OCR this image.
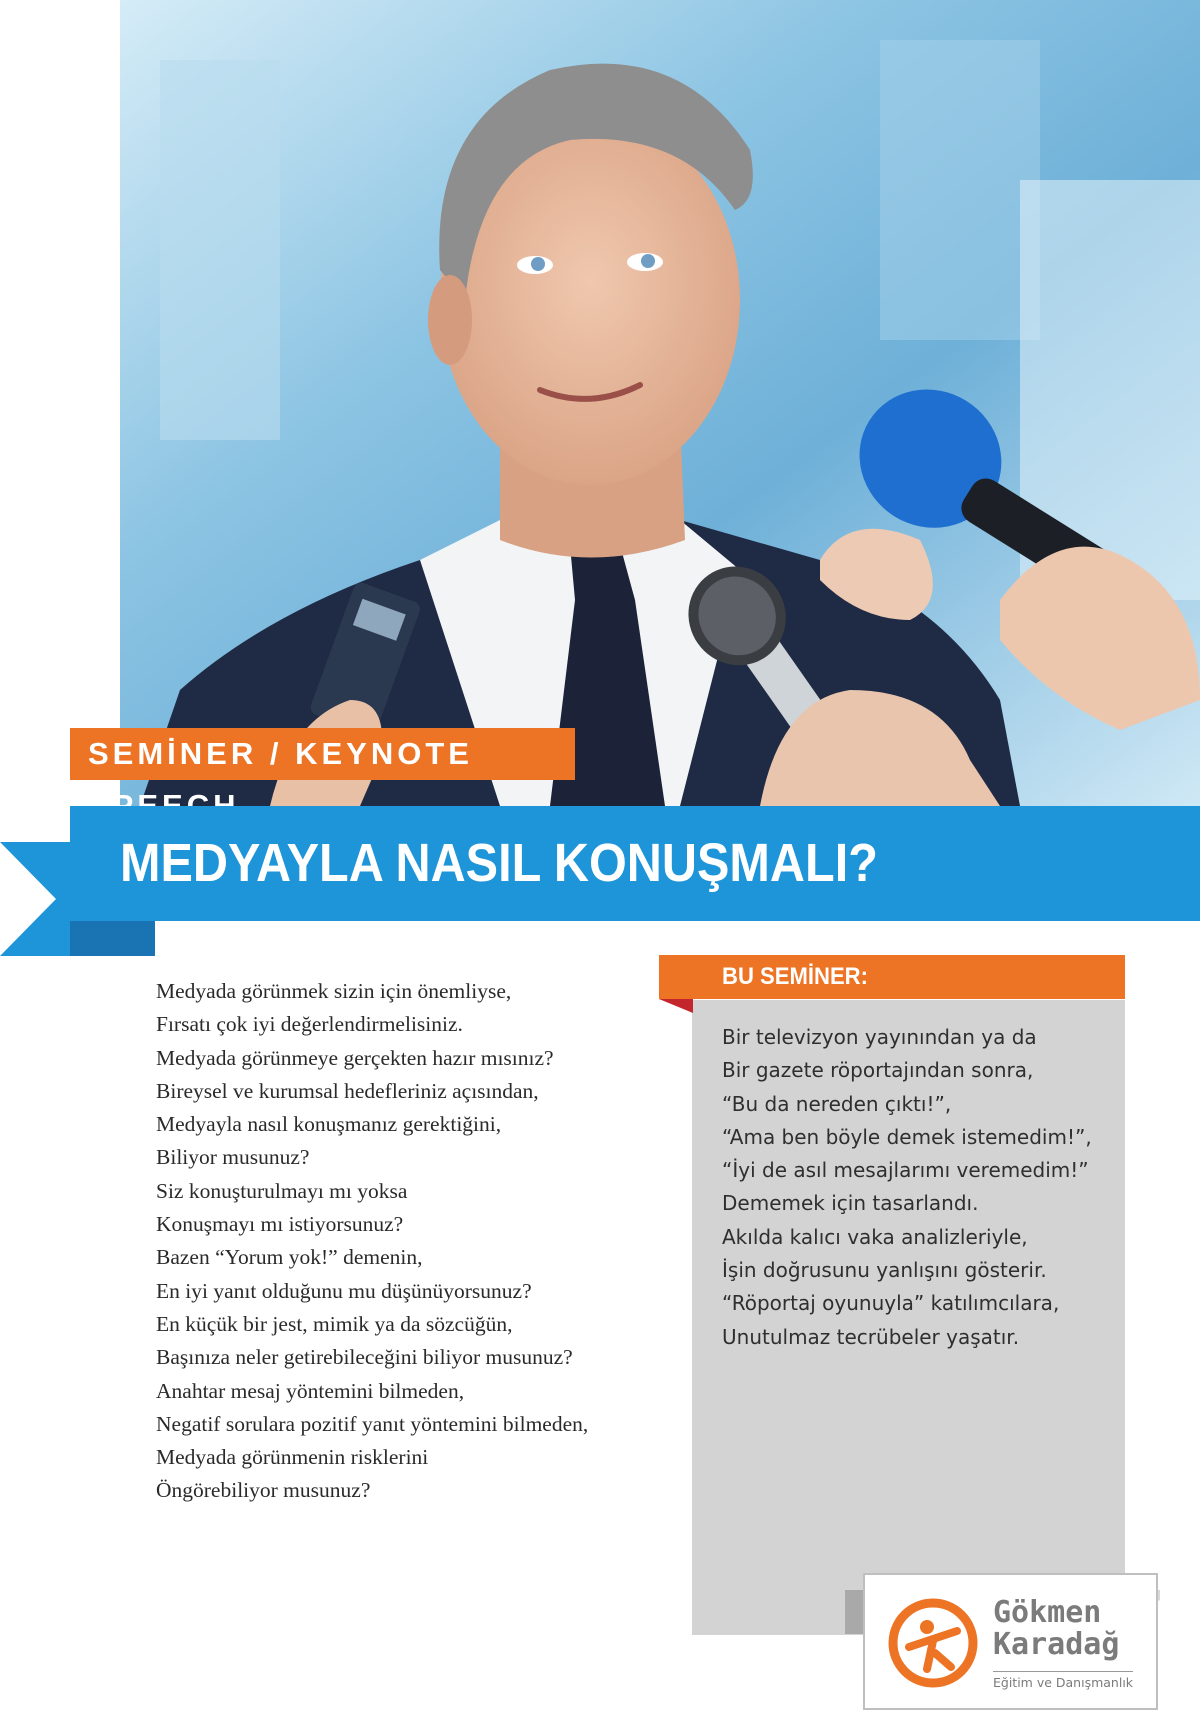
SEMİNER / KEYNOTE
MEDYAYLA NASIL KONUŞMALI?
Medyada görünmek sizin için önemliyse,
Fırsatı çok iyi değerlendirmelisiniz.
Medyada görünmeye gerçekten hazır mısınız?
Bireysel ve kurumsal hedefleriniz açısından,
Medyayla nasıl konuşmanız gerektiğini,
Biliyor musunuz?
Siz konuşturulmayı mı yoksa
Konuşmayı mı istiyorsunuz?
Bazen “Yorum yok!” demenin,
En iyi yanıt olduğunu mu düşünüyorsunuz?
En küçük bir jest, mimik ya da sözcüğün,
Başınıza neler getirebileceğini biliyor musunuz?
Anahtar mesaj yöntemini bilmeden,
Negatif sorulara pozitif yanıt yöntemini bilmeden,
Medyada görünmenin risklerini
Öngörebiliyor musunuz?
BU SEMİNER:
Bir televizyon yayınından ya da
Bir gazete röportajından sonra,
“Bu da nereden çıktı!”,
“Ama ben böyle demek istemedim!”,
“İyi de asıl mesajlarımı veremedim!”
Dememek için tasarlandı.
Akılda kalıcı vaka analizleriyle,
İşin doğrusunu yanlışını gösterir.
“Röportaj oyunuyla” katılımcılara,
Unutulmaz tecrübeler yaşatır.
Gökmen
Karadağ
Eğitim ve Danışmanlık
